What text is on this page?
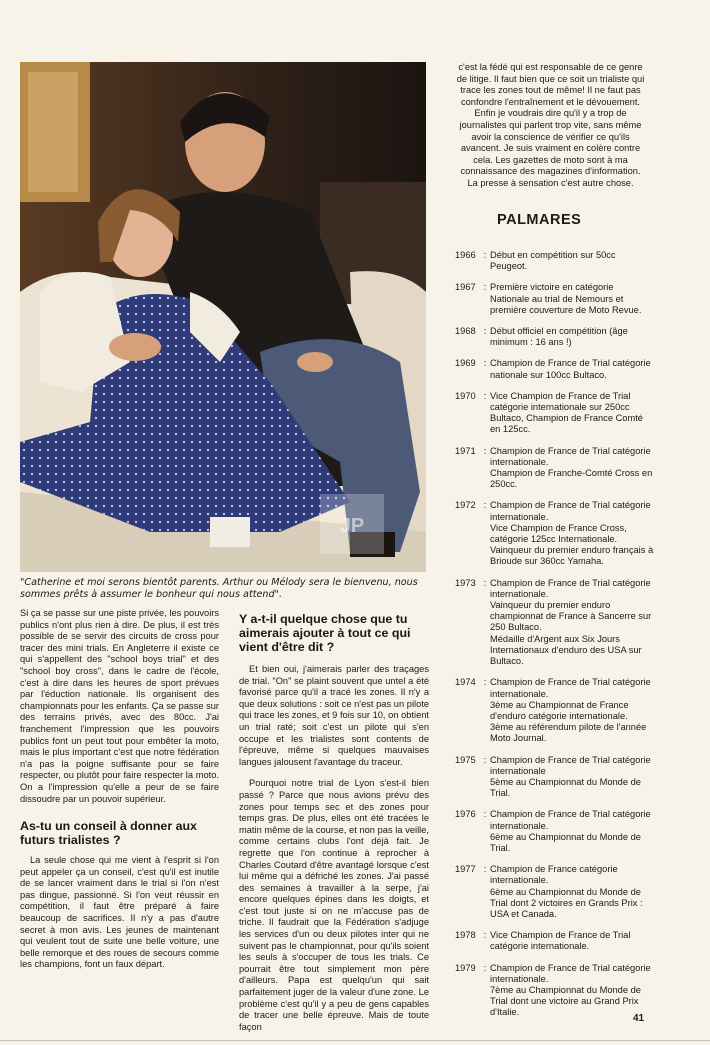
JP
"Catherine et moi serons bientôt parents. Arthur ou Mélody sera le bienvenu, nous sommes prêts à assumer le bonheur qui nous attend".

Si ça se passe sur une piste privée, les pouvoirs publics n'ont plus rien à dire. De plus, il est très possible de se servir des circuits de cross pour tracer des mini trials. En Angleterre il existe ce qui s'appellent des "school boys trial" et des "school boy cross", dans le cadre de l'école, c'est à dire dans les heures de sport prévues par l'éduction nationale. Ils organisent des championnats pour les enfants. Ça se passe sur des terrains privés, avec des 80cc. J'ai franchement l'impression que les pouvoirs publics font un peut tout pour embêter la moto, mais le plus important c'est que notre fédération n'a pas la poigne suffisante pour se faire respecter, ou plutôt pour faire respecter la moto. On a l'impression qu'elle a peur de se faire dissoudre par un pouvoir supérieur.

As-tu un conseil à donner aux futurs trialistes ?

La seule chose qui me vient à l'esprit si l'on peut appeler ça un conseil, c'est qu'il est inutile de se lancer vraiment dans le trial si l'on n'est pas dingue, passionné. Si l'on veut réussir en compétition, il faut être préparé à faire beaucoup de sacrifices. Il n'y a pas d'autre secret à mon avis. Les jeunes de maintenant qui veulent tout de suite une belle voiture, une belle remorque et des roues de secours comme les champions, font un faux départ.

Y a-t-il quelque chose que tu aimerais ajouter à tout ce qui vient d'être dit ?

Et bien oui, j'aimerais parler des traçages de trial. "On" se plaint souvent que untel a été favorisé parce qu'il a tracé les zones. Il n'y a que deux solutions : soit ce n'est pas un pilote qui trace les zones, et 9 fois sur 10, on obtient un trial raté; soit c'est un pilote qui s'en occupe et les trialistes sont contents de l'épreuve, même si quelques mauvaises langues jalousent l'avantage du traceur.

Pourquoi notre trial de Lyon s'est-il bien passé ? Parce que nous avions prévu des zones pour temps sec et des zones pour temps gras. De plus, elles ont été tracées le matin même de la course, et non pas la veille, comme certains clubs l'ont déjà fait. Je regrette que l'on continue à reprocher à Charles Coutard d'être avantagé lorsque c'est lui même qui a défriché les zones. J'ai passé des semaines à travailler à la serpe, j'ai encore quelques épines dans les doigts, et c'est tout juste si on ne m'accuse pas de triche. Il faudrait que la Fédération s'adjuge les services d'un ou deux pilotes inter qui ne suivent pas le championnat, pour qu'ils soient les seuls à s'occuper de tous les trials. Ce pourrait être tout simplement mon père d'ailleurs. Papa est quelqu'un qui sait parfaitement juger de la valeur d'une zone. Le problème c'est qu'il y a peu de gens capables de tracer une belle épreuve. Mais de toute façon

c'est la fédé qui est responsable de ce genre de litige. Il faut bien que ce soit un trialiste qui trace les zones tout de même! Il ne faut pas confondre l'entraînement et le dévouement. Enfin je voudrais dire qu'il y a trop de journalistes qui parlent trop vite, sans même avoir la conscience de vérifier ce qu'ils avancent. Je suis vraiment en colère contre cela. Les gazettes de moto sont à ma connaissance des magazines d'information. La presse à sensation c'est autre chose.

PALMARES
1966 : Début en compétition sur 50cc Peugeot.
1967 : Première victoire en catégorie Nationale au trial de Nemours et première couverture de Moto Revue.
1968 : Début officiel en compétition (âge minimum : 16 ans !)
1969 : Champion de France de Trial catégorie nationale sur 100cc Bultaco.
1970 : Vice Champion de France de Trial catégorie internationale sur 250cc Bultaco, Champion de France Comté en 125cc.
1971 : Champion de France de Trial catégorie internationale.
Champion de Franche-Comté Cross en 250cc.
1972 : Champion de France de Trial catégorie internationale.
Vice Champion de France Cross, catégorie 125cc Internationale.
Vainqueur du premier enduro français à Brioude sur 360cc Yamaha.
1973 : Champion de France de Trial catégorie internationale.
Vainqueur du premier enduro championnat de France à Sancerre sur 250 Bultaco.
Médaille d'Argent aux Six Jours Internationaux d'enduro des USA sur Bultaco.
1974 : Champion de France de Trial catégorie internationale.
3ème au Championnat de France d'enduro catégorie internationale.
3ème au référendum pilote de l'année Moto Journal.
1975 : Champion de France de Trial catégorie internationale
5ème au Championnat du Monde de Trial.
1976 : Champion de France de Trial catégorie internationale.
6ème au Championnat du Monde de Trial.
1977 : Champion de France catégorie internationale.
6ème au Championnat du Monde de Trial dont 2 victoires en Grands Prix : USA et Canada.
1978 : Vice Champion de France de Trial catégorie internationale.
1979 : Champion de France de Trial catégorie internationale.
7ème au Championnat du Monde de Trial dont une victoire au Grand Prix d'Italie.
41
